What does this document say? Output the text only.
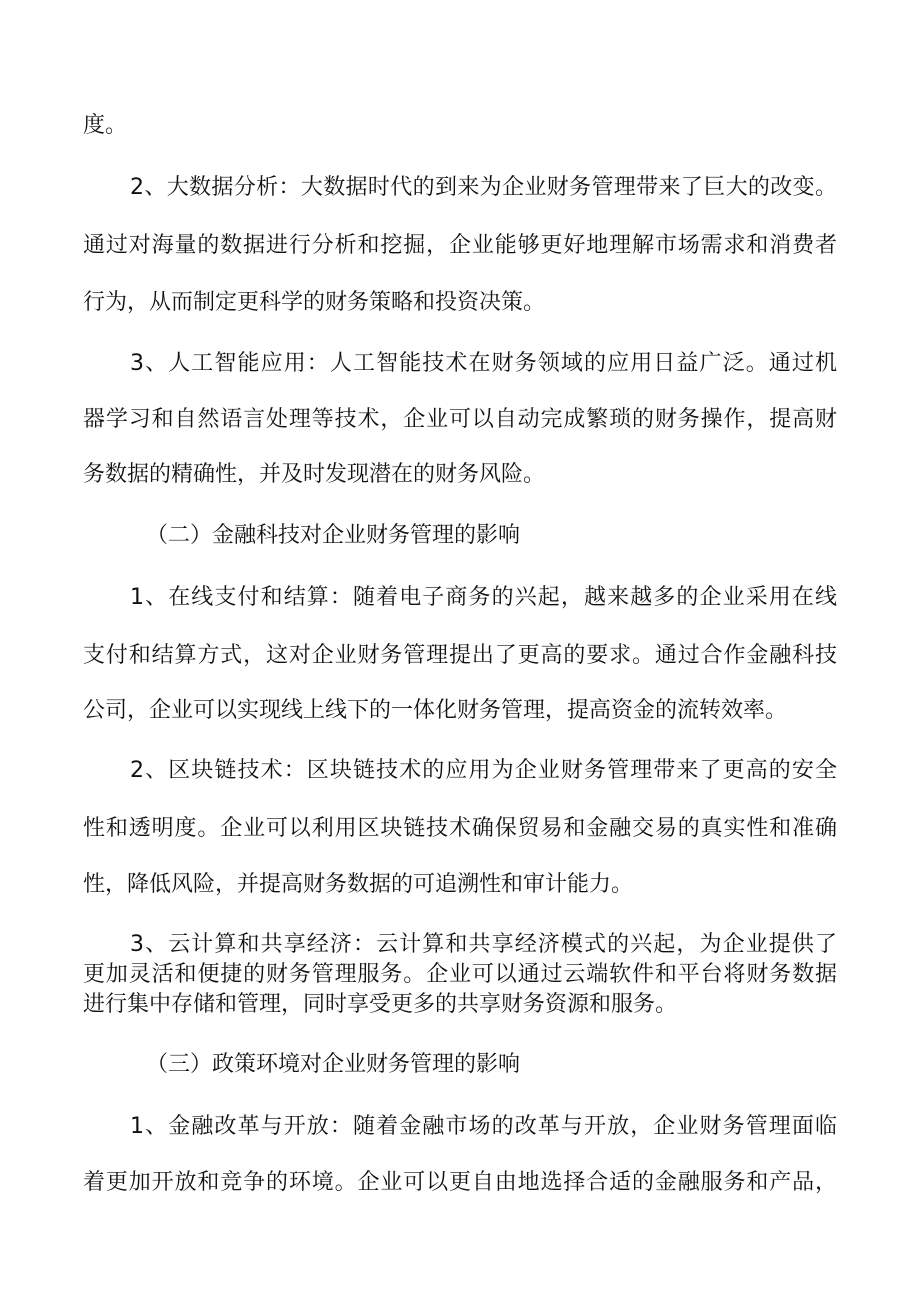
度。
2、大数据分析：大数据时代的到来为企业财务管理带来了巨大的改变。
通过对海量的数据进行分析和挖掘，企业能够更好地理解市场需求和消费者
行为，从而制定更科学的财务策略和投资决策。
3、人工智能应用：人工智能技术在财务领域的应用日益广泛。通过机
器学习和自然语言处理等技术，企业可以自动完成繁琐的财务操作，提高财
务数据的精确性，并及时发现潜在的财务风险。
（二）金融科技对企业财务管理的影响
1、在线支付和结算：随着电子商务的兴起，越来越多的企业采用在线
支付和结算方式，这对企业财务管理提出了更高的要求。通过合作金融科技
公司，企业可以实现线上线下的一体化财务管理，提高资金的流转效率。
2、区块链技术：区块链技术的应用为企业财务管理带来了更高的安全
性和透明度。企业可以利用区块链技术确保贸易和金融交易的真实性和准确
性，降低风险，并提高财务数据的可追溯性和审计能力。
3、云计算和共享经济：云计算和共享经济模式的兴起，为企业提供了
更加灵活和便捷的财务管理服务。企业可以通过云端软件和平台将财务数据
进行集中存储和管理，同时享受更多的共享财务资源和服务。
（三）政策环境对企业财务管理的影响
1、金融改革与开放：随着金融市场的改革与开放，企业财务管理面临
着更加开放和竞争的环境。企业可以更自由地选择合适的金融服务和产品，
